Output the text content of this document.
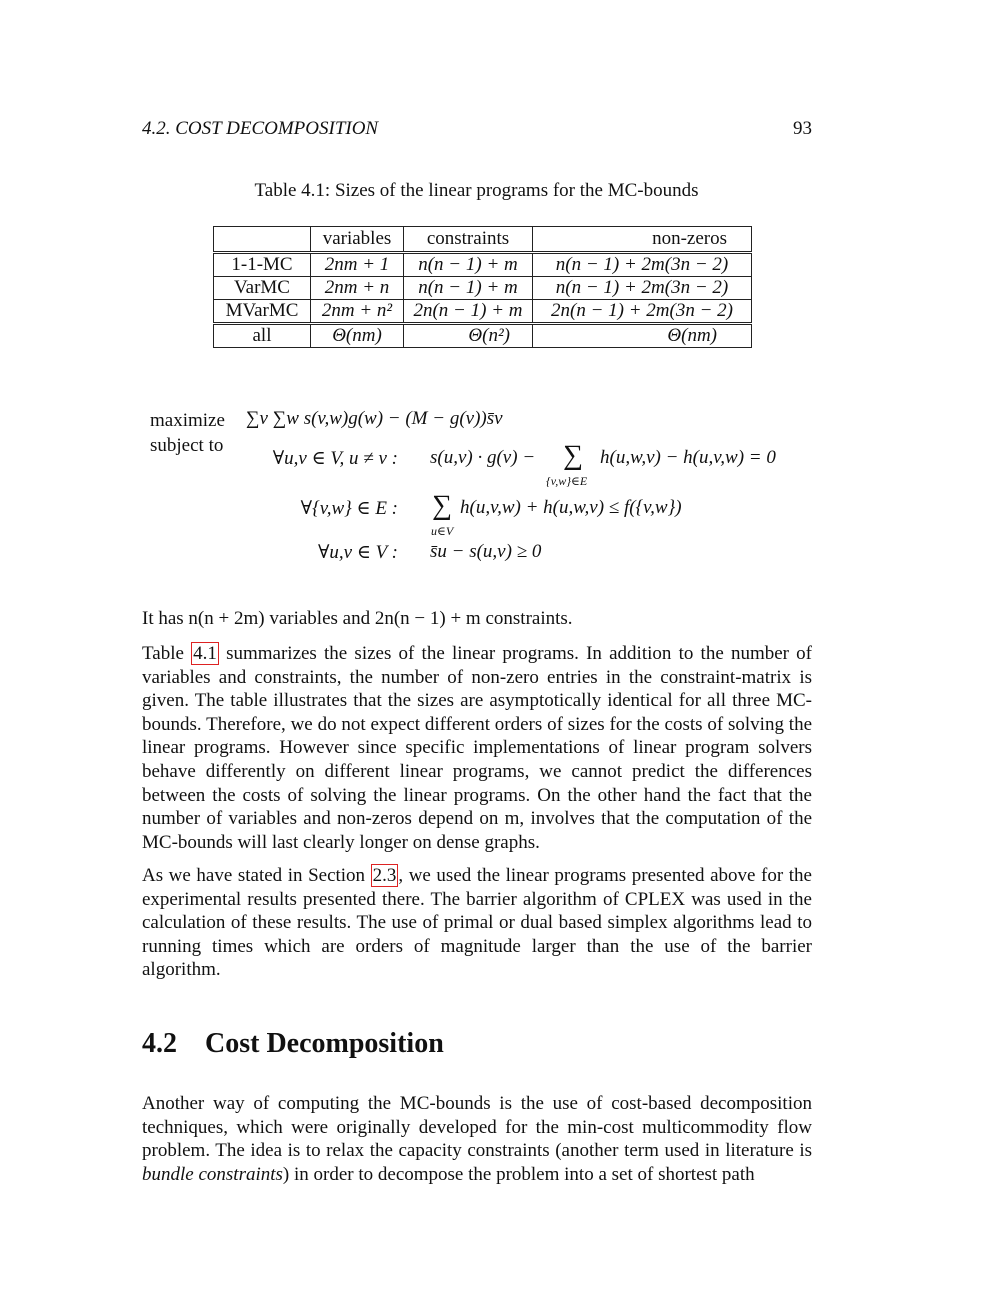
4.2. COST DECOMPOSITION	93
Table 4.1: Sizes of the linear programs for the MC-bounds
	variables	constraints	non-zeros
1-1-MC	2nm + 1	n(n − 1) + m	n(n − 1) + 2m(3n − 2)
VarMC	2nm + n	n(n − 1) + m	n(n − 1) + 2m(3n − 2)
MVarMC	2nm + n²	2n(n − 1) + m	2n(n − 1) + 2m(3n − 2)
all	Θ(nm)	Θ(n²)	Θ(nm)
maximize
subject to
∑v ∑w s(v,w)g(w) − (M − g(v))s̄v
∀u,v ∈ V, u ≠ v : s(u,v) · g(v) − ∑
{v,w}∈E
h(u,w,v) − h(u,v,w) = 0
∀{v,w} ∈ E : ∑
u∈V
h(u,v,w) + h(u,w,v) ≤ f({v,w})
∀u,v ∈ V : s̄u − s(u,v) ≥ 0
It has n(n + 2m) variables and 2n(n − 1) + m constraints.
Table 4.1 summarizes the sizes of the linear programs. In addition to the number of variables and constraints, the number of non-zero entries in the constraint-matrix is given. The table illustrates that the sizes are asymptotically identical for all three MC-bounds. Therefore, we do not expect different orders of sizes for the costs of solving the linear programs. However since specific implementations of linear program solvers behave differently on different linear programs, we cannot predict the differences between the costs of solving the linear programs. On the other hand the fact that the number of variables and non-zeros depend on m, involves that the computation of the MC-bounds will last clearly longer on dense graphs.
As we have stated in Section 2.3 , we used the linear programs presented above for the experimental results presented there. The barrier algorithm of CPLEX was used in the calculation of these results. The use of primal or dual based simplex algorithms lead to running times which are orders of magnitude larger than the use of the barrier algorithm.
4.2 Cost Decomposition
Another way of computing the MC-bounds is the use of cost-based decomposition techniques, which were originally developed for the min-cost multicommodity flow problem. The idea is to relax the capacity constraints (another term used in literature is bundle constraints) in order to decompose the problem into a set of shortest path
